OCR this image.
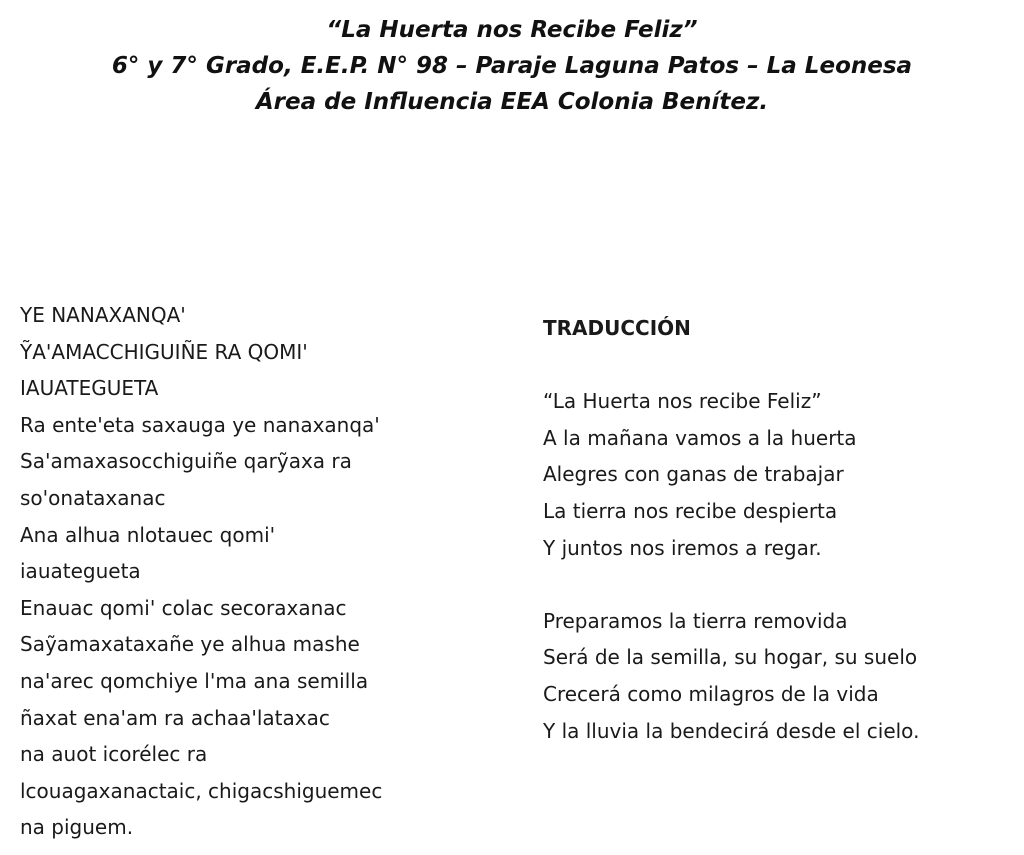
“La Huerta nos Recibe Feliz”
6° y 7° Grado, E.E.P. N° 98 – Paraje Laguna Patos – La Leonesa
Área de Influencia EEA Colonia Benítez.
YE NANAXANQA'
ỸA'AMACCHIGUIÑE RA QOMI'
IAUATEGUETA
Ra ente'eta saxauga ye nanaxanqa'
Sa'amaxasocchiguiñe qarỹaxa ra
so'onataxanac
Ana alhua nlotauec qomi'
iauategueta
Enauac qomi' colac secoraxanac
Saỹamaxataxañe ye alhua mashe
na'arec qomchiye l'ma ana semilla
ñaxat ena'am ra achaa'lataxac
na auot icorélec ra
lcouagaxanactaic, chigacshiguemec
na piguem.
TRADUCCIÓN
“La Huerta nos recibe Feliz”
A la mañana vamos a la huerta
Alegres con ganas de trabajar
La tierra nos recibe despierta
Y juntos nos iremos a regar.
Preparamos la tierra removida
Será de la semilla, su hogar, su suelo
Crecerá como milagros de la vida
Y la lluvia la bendecirá desde el cielo.
